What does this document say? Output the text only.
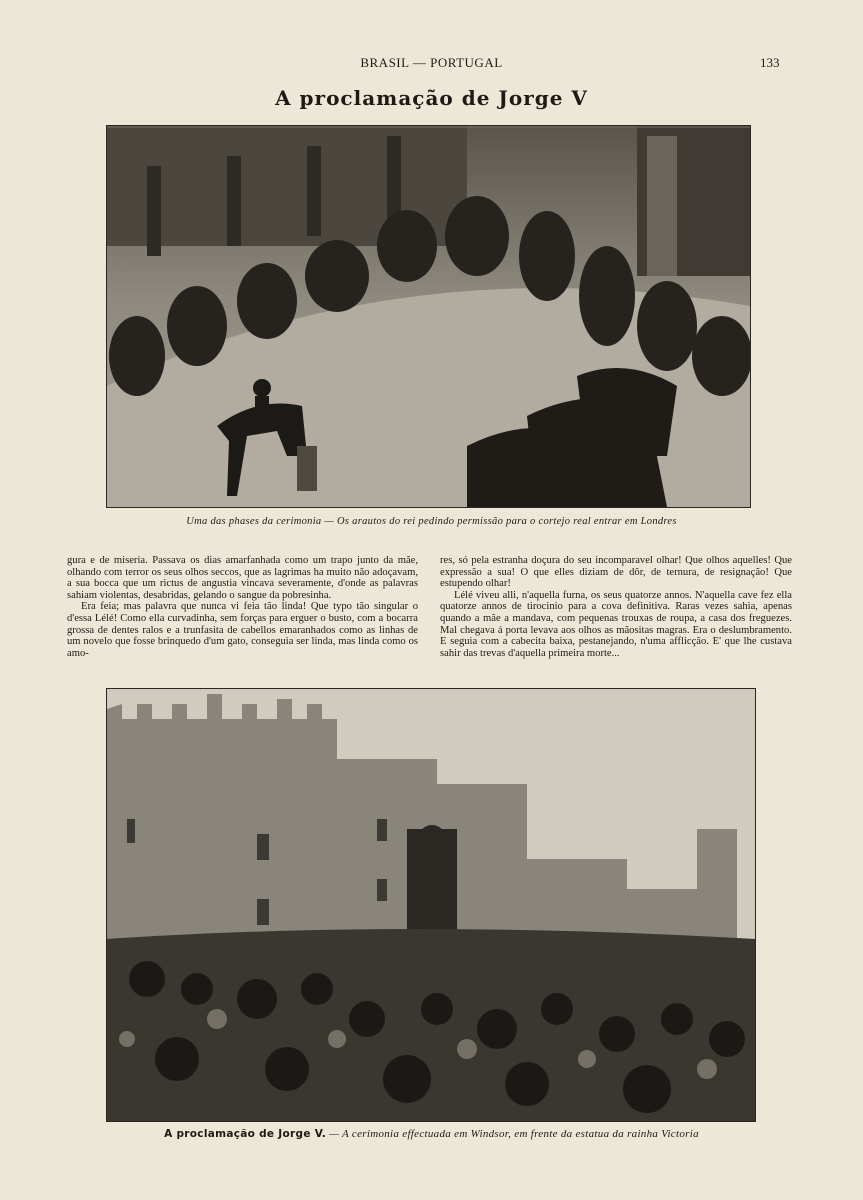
BRASIL — PORTUGAL	133
A proclamação de Jorge V
Uma das phases da cerimonia — Os arautos do rei pedindo permissão para o cortejo real entrar em Londres

gura e de miseria. Passava os dias amarfanhada como um trapo junto da mãe, olhando com terror os seus olhos seccos, que as lagrimas ha muito não adoçavam, a sua bocca que um rictus de angustia vincava severamente, d'onde as palavras sahiam violentas, desabridas, gelando o sangue da pobresinha.

Era feia; mas palavra que nunca vi feia tão linda! Que typo tão singular o d'essa Lélé! Como ella curvadinha, sem forças para erguer o busto, com a bocarra grossa de dentes ralos e a trunfasita de cabellos emaranhados como as linhas de um novelo que fosse brinquedo d'um gato, conseguia ser linda, mas linda como os amo-

res, só pela estranha doçura do seu incomparavel olhar! Que olhos aquelles! Que expressão a sua! O que elles diziam de dôr, de ternura, de resignação! Que estupendo olhar!

Lélé viveu alli, n'aquella furna, os seus quatorze annos. N'aquella cave fez ella quatorze annos de tirocinio para a cova definitiva. Raras vezes sahia, apenas quando a mãe a mandava, com pequenas trouxas de roupa, a casa dos freguezes. Mal chegava á porta levava aos olhos as mãositas magras. Era o deslumbramento. E seguia com a cabecita baixa, pestanejando, n'uma afflicção. E' que lhe custava sahir das trevas d'aquella primeira morte...

A proclamação de Jorge V. — A cerimonia effectuada em Windsor, em frente da estatua da rainha Victoria
